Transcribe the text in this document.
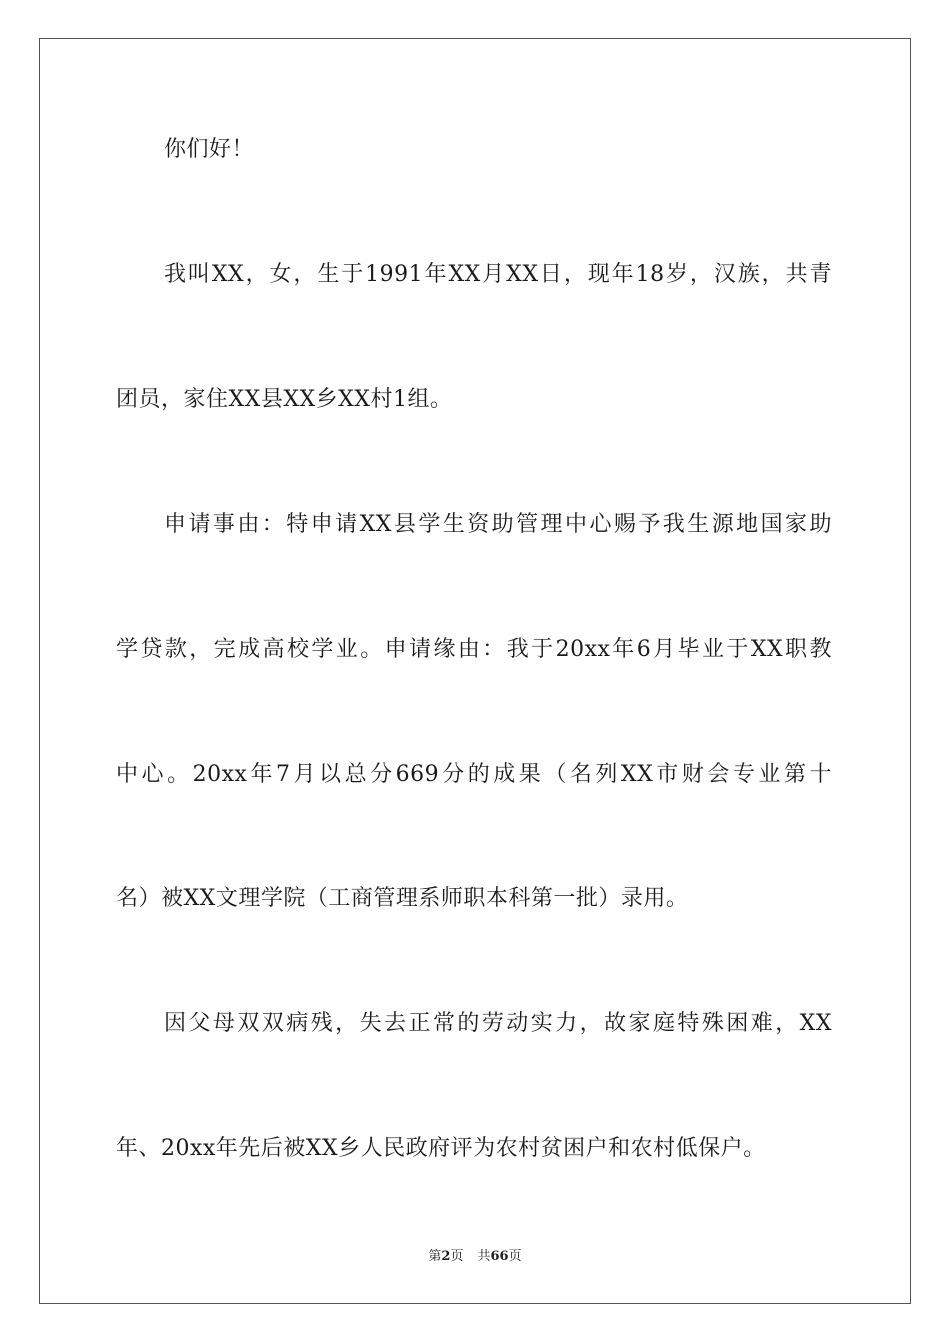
你们好！
我叫XX，女，生于1991年XX月XX日，现年18岁，汉族，共青
团员，家住XX县XX乡XX村1组。
申请事由：特申请XX县学生资助管理中心赐予我生源地国家助
学贷款，完成高校学业。申请缘由：我于20xx年6月毕业于XX职教
中心。20xx年7月以总分669分的成果（名列XX市财会专业第十
名）被XX文理学院（工商管理系师职本科第一批）录用。
因父母双双病残，失去正常的劳动实力，故家庭特殊困难，XX
年、20xx年先后被XX乡人民政府评为农村贫困户和农村低保户。
第2页 共66页
